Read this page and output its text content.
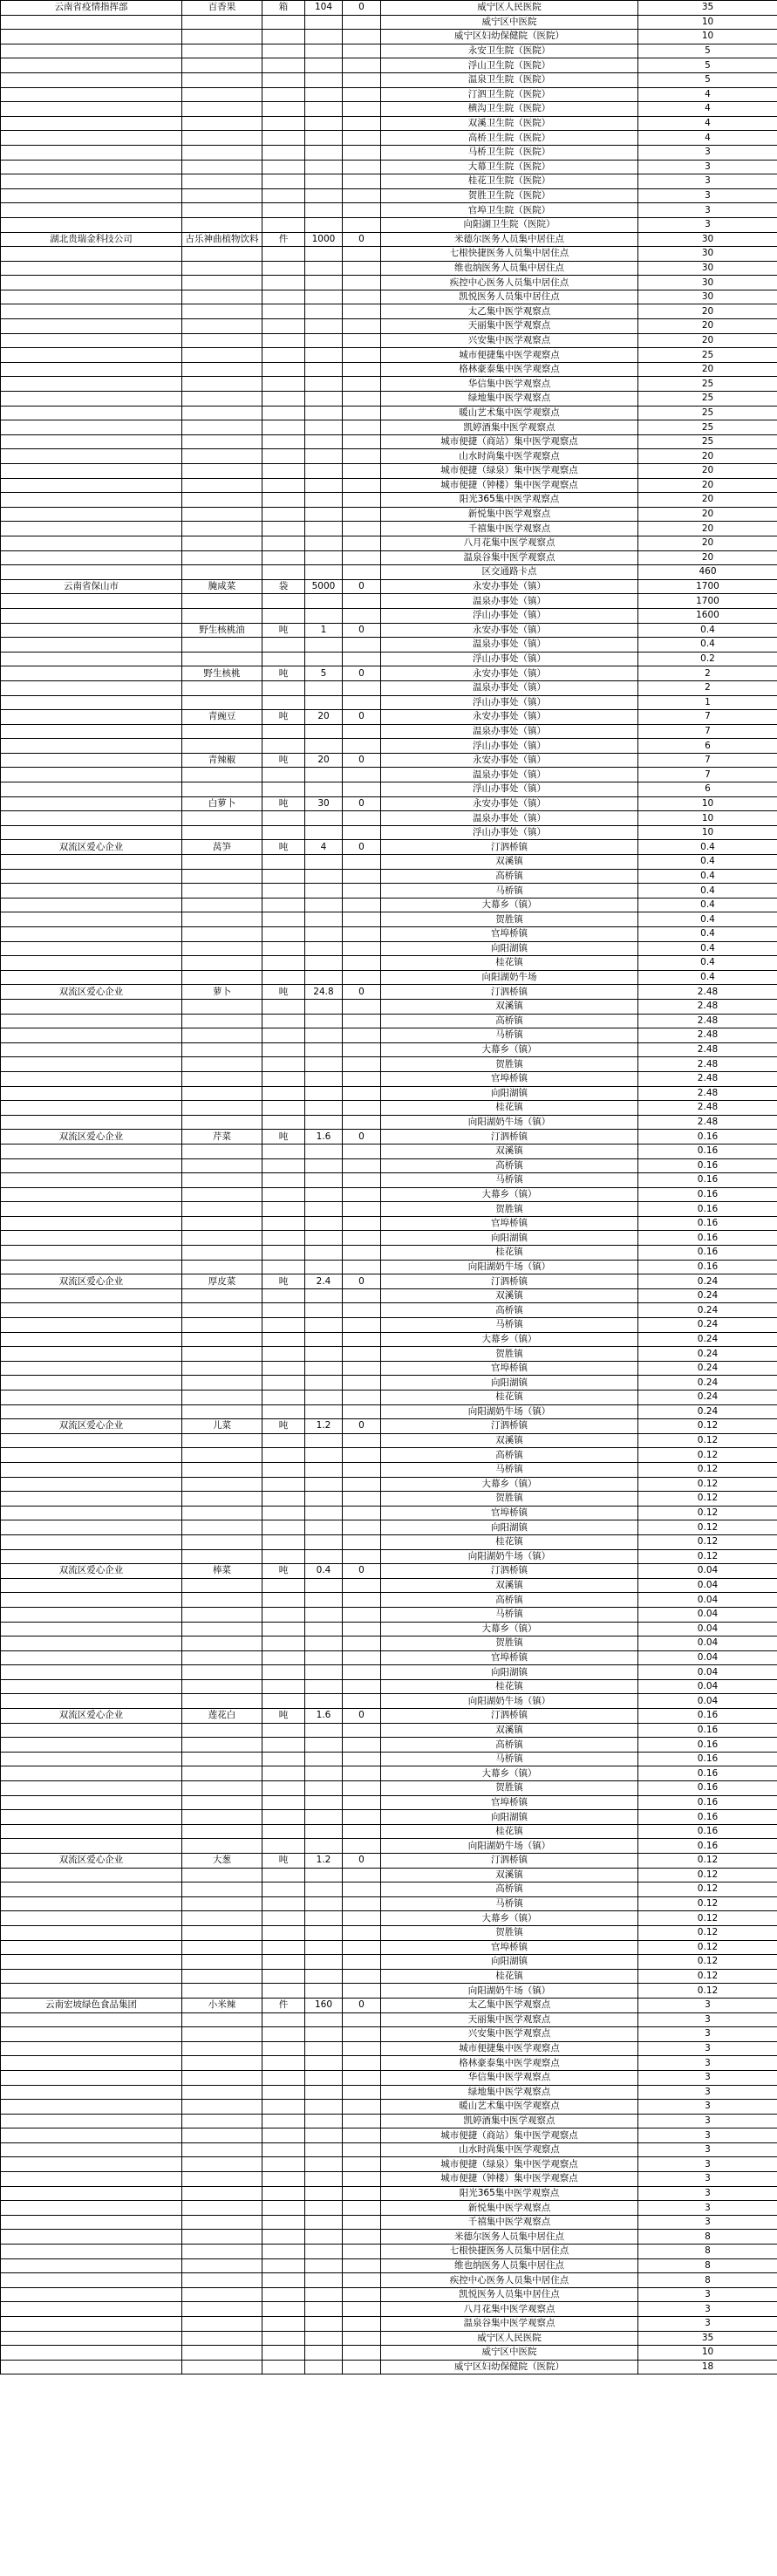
云南省疫情指挥部	百香果	箱	104	0	威宁区人民医院	35
					威宁区中医院	10
					威宁区妇幼保健院（医院）	10
					永安卫生院（医院）	5
					浮山卫生院（医院）	5
					温泉卫生院（医院）	5
					汀泗卫生院（医院）	4
					横沟卫生院（医院）	4
					双溪卫生院（医院）	4
					高桥卫生院（医院）	4
					马桥卫生院（医院）	3
					大幕卫生院（医院）	3
					桂花卫生院（医院）	3
					贺胜卫生院（医院）	3
					官埠卫生院（医院）	3
					向阳湖卫生院（医院）	3
湖北贵瑞金科技公司	古乐神曲植物饮料	件	1000	0	米德尔医务人员集中居住点	30
					七根快捷医务人员集中居住点	30
					维也纳医务人员集中居住点	30
					疾控中心医务人员集中居住点	30
					凯悦医务人员集中居住点	30
					太乙集中医学观察点	20
					天丽集中医学观察点	20
					兴安集中医学观察点	20
					城市便捷集中医学观察点	25
					格林豪泰集中医学观察点	20
					华信集中医学观察点	25
					绿地集中医学观察点	25
					暖山艺术集中医学观察点	25
					凯婷酒集中医学观察点	25
					城市便捷（商站）集中医学观察点	25
					山水时尚集中医学观察点	20
					城市便捷（绿泉）集中医学观察点	20
					城市便捷（钟楼）集中医学观察点	20
					阳光365集中医学观察点	20
					新悦集中医学观察点	20
					千禧集中医学观察点	20
					八月花集中医学观察点	20
					温泉谷集中医学观察点	20
					区交通路卡点	460
云南省保山市	腌咸菜	袋	5000	0	永安办事处（镇）	1700
					温泉办事处（镇）	1700
					浮山办事处（镇）	1600
	野生核桃油	吨	1	0	永安办事处（镇）	0.4
					温泉办事处（镇）	0.4
					浮山办事处（镇）	0.2
	野生核桃	吨	5	0	永安办事处（镇）	2
					温泉办事处（镇）	2
					浮山办事处（镇）	1
	青豌豆	吨	20	0	永安办事处（镇）	7
					温泉办事处（镇）	7
					浮山办事处（镇）	6
	青辣椒	吨	20	0	永安办事处（镇）	7
					温泉办事处（镇）	7
					浮山办事处（镇）	6
	白萝卜	吨	30	0	永安办事处（镇）	10
					温泉办事处（镇）	10
					浮山办事处（镇）	10
双流区爱心企业	莴笋	吨	4	0	汀泗桥镇	0.4
					双溪镇	0.4
					高桥镇	0.4
					马桥镇	0.4
					大幕乡（镇）	0.4
					贺胜镇	0.4
					官埠桥镇	0.4
					向阳湖镇	0.4
					桂花镇	0.4
					向阳湖奶牛场	0.4
双流区爱心企业	萝卜	吨	24.8	0	汀泗桥镇	2.48
					双溪镇	2.48
					高桥镇	2.48
					马桥镇	2.48
					大幕乡（镇）	2.48
					贺胜镇	2.48
					官埠桥镇	2.48
					向阳湖镇	2.48
					桂花镇	2.48
					向阳湖奶牛场（镇）	2.48
双流区爱心企业	芹菜	吨	1.6	0	汀泗桥镇	0.16
					双溪镇	0.16
					高桥镇	0.16
					马桥镇	0.16
					大幕乡（镇）	0.16
					贺胜镇	0.16
					官埠桥镇	0.16
					向阳湖镇	0.16
					桂花镇	0.16
					向阳湖奶牛场（镇）	0.16
双流区爱心企业	厚皮菜	吨	2.4	0	汀泗桥镇	0.24
					双溪镇	0.24
					高桥镇	0.24
					马桥镇	0.24
					大幕乡（镇）	0.24
					贺胜镇	0.24
					官埠桥镇	0.24
					向阳湖镇	0.24
					桂花镇	0.24
					向阳湖奶牛场（镇）	0.24
双流区爱心企业	儿菜	吨	1.2	0	汀泗桥镇	0.12
					双溪镇	0.12
					高桥镇	0.12
					马桥镇	0.12
					大幕乡（镇）	0.12
					贺胜镇	0.12
					官埠桥镇	0.12
					向阳湖镇	0.12
					桂花镇	0.12
					向阳湖奶牛场（镇）	0.12
双流区爱心企业	棒菜	吨	0.4	0	汀泗桥镇	0.04
					双溪镇	0.04
					高桥镇	0.04
					马桥镇	0.04
					大幕乡（镇）	0.04
					贺胜镇	0.04
					官埠桥镇	0.04
					向阳湖镇	0.04
					桂花镇	0.04
					向阳湖奶牛场（镇）	0.04
双流区爱心企业	莲花白	吨	1.6	0	汀泗桥镇	0.16
					双溪镇	0.16
					高桥镇	0.16
					马桥镇	0.16
					大幕乡（镇）	0.16
					贺胜镇	0.16
					官埠桥镇	0.16
					向阳湖镇	0.16
					桂花镇	0.16
					向阳湖奶牛场（镇）	0.16
双流区爱心企业	大葱	吨	1.2	0	汀泗桥镇	0.12
					双溪镇	0.12
					高桥镇	0.12
					马桥镇	0.12
					大幕乡（镇）	0.12
					贺胜镇	0.12
					官埠桥镇	0.12
					向阳湖镇	0.12
					桂花镇	0.12
					向阳湖奶牛场（镇）	0.12
云南宏坡绿色食品集团	小米辣	件	160	0	太乙集中医学观察点	3
					天丽集中医学观察点	3
					兴安集中医学观察点	3
					城市便捷集中医学观察点	3
					格林豪泰集中医学观察点	3
					华信集中医学观察点	3
					绿地集中医学观察点	3
					暖山艺术集中医学观察点	3
					凯婷酒集中医学观察点	3
					城市便捷（商站）集中医学观察点	3
					山水时尚集中医学观察点	3
					城市便捷（绿泉）集中医学观察点	3
					城市便捷（钟楼）集中医学观察点	3
					阳光365集中医学观察点	3
					新悦集中医学观察点	3
					千禧集中医学观察点	3
					米德尔医务人员集中居住点	8
					七根快捷医务人员集中居住点	8
					维也纳医务人员集中居住点	8
					疾控中心医务人员集中居住点	8
					凯悦医务人员集中居住点	3
					八月花集中医学观察点	3
					温泉谷集中医学观察点	3
					威宁区人民医院	35
					威宁区中医院	10
					威宁区妇幼保健院（医院）	18
